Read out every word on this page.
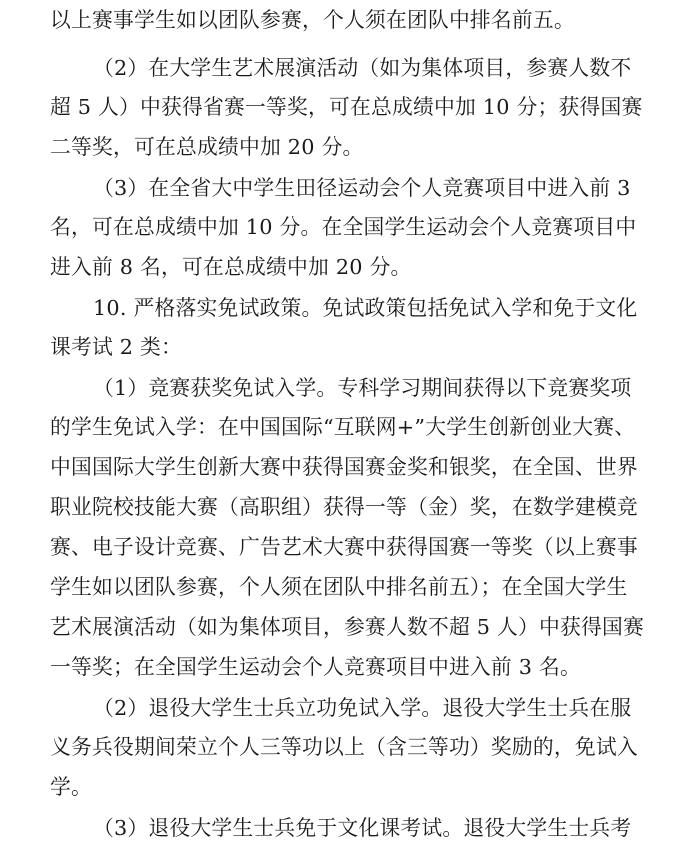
以上赛事学生如以团队参赛，个人须在团队中排名前五。
（2）在大学生艺术展演活动（如为集体项目，参赛人数不
超 5 人）中获得省赛一等奖，可在总成绩中加 10 分；获得国赛
二等奖，可在总成绩中加 20 分。
（3）在全省大中学生田径运动会个人竞赛项目中进入前 3
名，可在总成绩中加 10 分。在全国学生运动会个人竞赛项目中
进入前 8 名，可在总成绩中加 20 分。
10. 严格落实免试政策。免试政策包括免试入学和免于文化
课考试 2 类：
（1）竞赛获奖免试入学。专科学习期间获得以下竞赛奖项
的学生免试入学：在中国国际“互联网+”大学生创新创业大赛、
中国国际大学生创新大赛中获得国赛金奖和银奖，在全国、世界
职业院校技能大赛（高职组）获得一等（金）奖，在数学建模竞
赛、电子设计竞赛、广告艺术大赛中获得国赛一等奖（以上赛事
学生如以团队参赛，个人须在团队中排名前五）；在全国大学生
艺术展演活动（如为集体项目，参赛人数不超 5 人）中获得国赛
一等奖；在全国学生运动会个人竞赛项目中进入前 3 名。
（2）退役大学生士兵立功免试入学。退役大学生士兵在服
义务兵役期间荣立个人三等功以上（含三等功）奖励的，免试入
学。
（3）退役大学生士兵免于文化课考试。退役大学生士兵考
